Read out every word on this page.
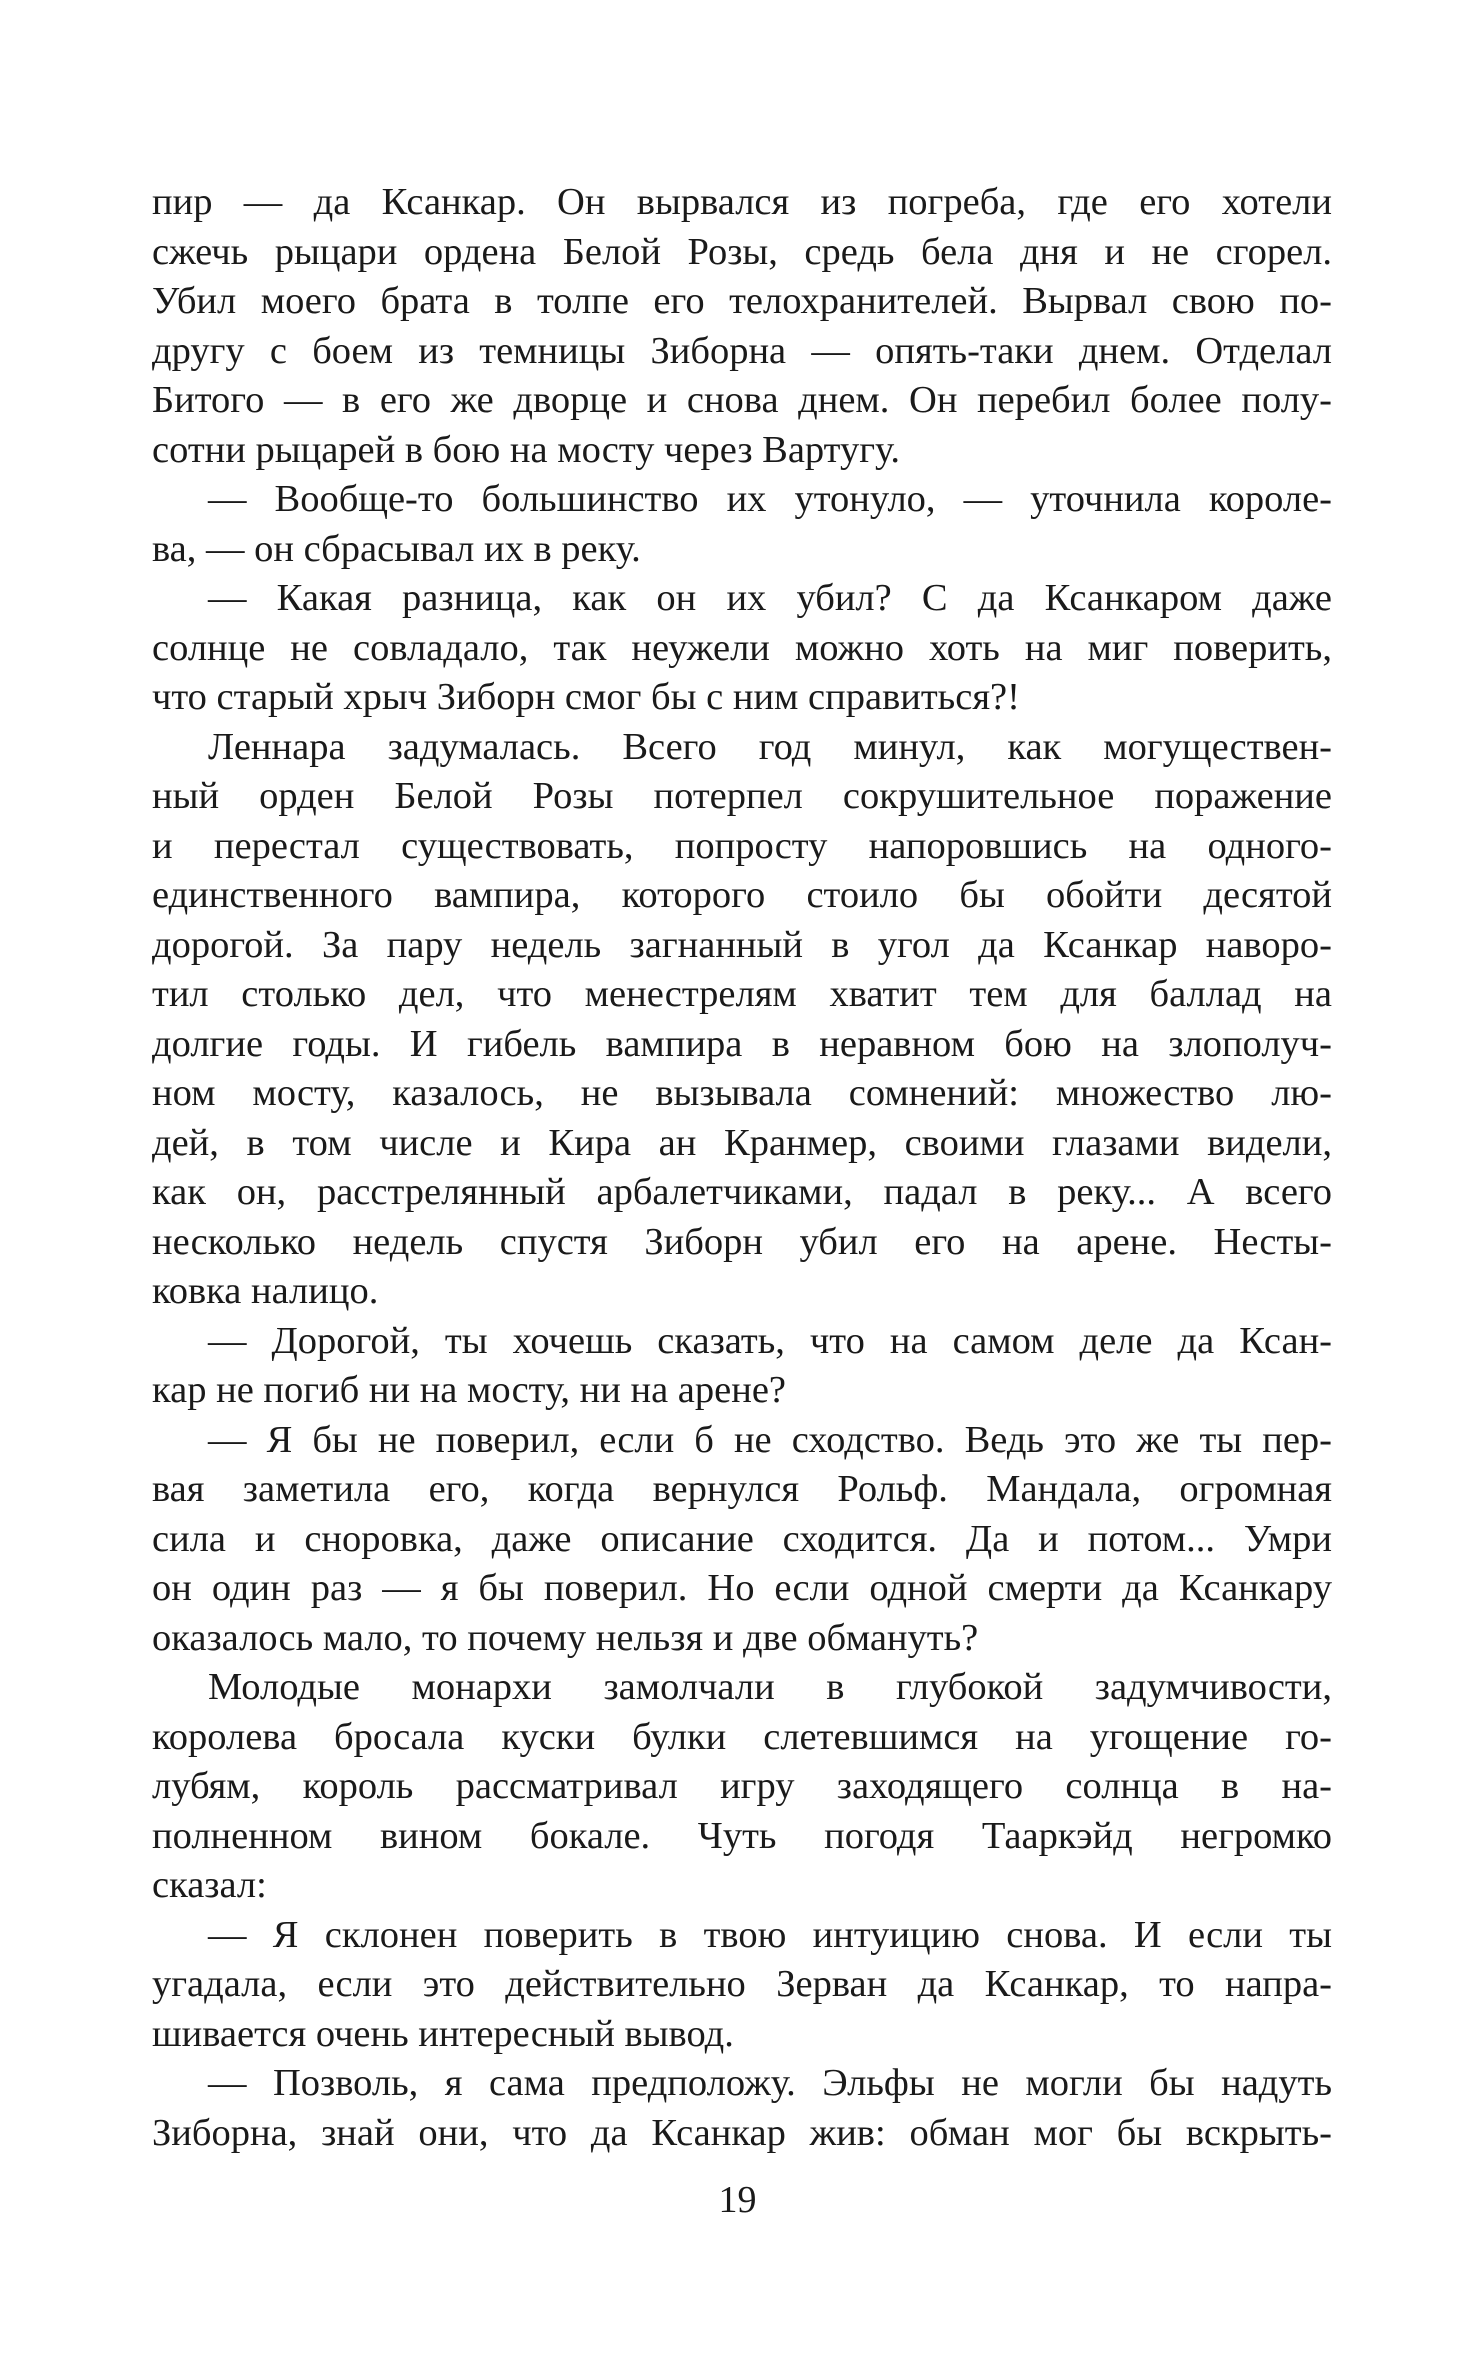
пир — да Ксанкар. Он вырвался из погреба, где его хотели
сжечь рыцари ордена Белой Розы, средь бела дня и не сгорел.
Убил моего брата в толпе его телохранителей. Вырвал свою по-
другу с боем из темницы Зиборна — опять-таки днем. Отделал
Битого — в его же дворце и снова днем. Он перебил более полу-
сотни рыцарей в бою на мосту через Вартугу.
— Вообще-то большинство их утонуло, — уточнила короле-
ва, — он сбрасывал их в реку.
— Какая разница, как он их убил? С да Ксанкаром даже
солнце не совладало, так неужели можно хоть на миг поверить,
что старый хрыч Зиборн смог бы с ним справиться?!
Леннара задумалась. Всего год минул, как могуществен-
ный орден Белой Розы потерпел сокрушительное поражение
и перестал существовать, попросту напоровшись на одного-
единственного вампира, которого стоило бы обойти десятой
дорогой. За пару недель загнанный в угол да Ксанкар наворо-
тил столько дел, что менестрелям хватит тем для баллад на
долгие годы. И гибель вампира в неравном бою на злополуч-
ном мосту, казалось, не вызывала сомнений: множество лю-
дей, в том числе и Кира ан Кранмер, своими глазами видели,
как он, расстрелянный арбалетчиками, падал в реку... А всего
несколько недель спустя Зиборн убил его на арене. Несты-
ковка налицо.
— Дорогой, ты хочешь сказать, что на самом деле да Ксан-
кар не погиб ни на мосту, ни на арене?
— Я бы не поверил, если б не сходство. Ведь это же ты пер-
вая заметила его, когда вернулся Рольф. Мандала, огромная
сила и сноровка, даже описание сходится. Да и потом... Умри
он один раз — я бы поверил. Но если одной смерти да Ксанкару
оказалось мало, то почему нельзя и две обмануть?
Молодые монархи замолчали в глубокой задумчивости,
королева бросала куски булки слетевшимся на угощение го-
лубям, король рассматривал игру заходящего солнца в на-
полненном вином бокале. Чуть погодя Тааркэйд негромко
сказал:
— Я склонен поверить в твою интуицию снова. И если ты
угадала, если это действительно Зерван да Ксанкар, то напра-
шивается очень интересный вывод.
— Позволь, я сама предположу. Эльфы не могли бы надуть
Зиборна, знай они, что да Ксанкар жив: обман мог бы вскрыть-
19
